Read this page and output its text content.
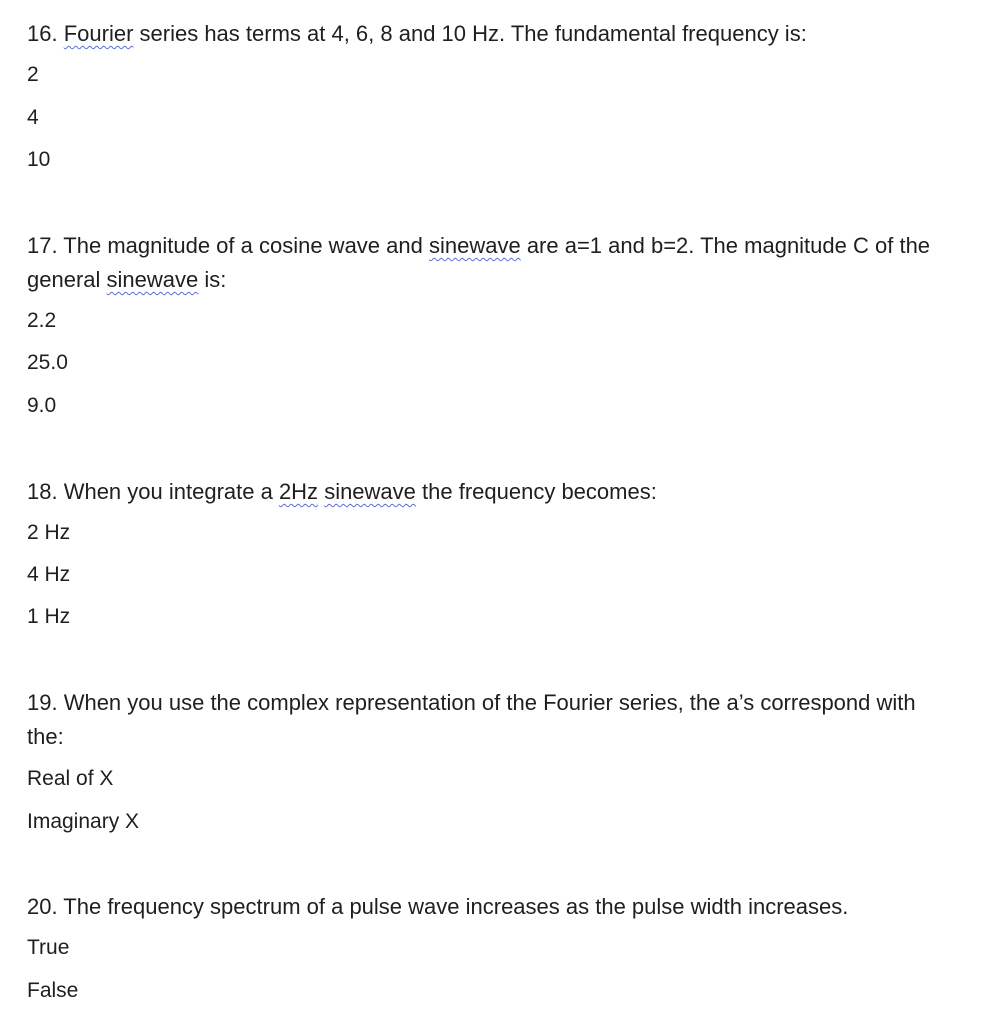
16. Fourier series has terms at 4, 6, 8 and 10 Hz. The fundamental frequency is:
2
4
10
17. The magnitude of a cosine wave and sinewave are a=1 and b=2. The magnitude C of the general sinewave is:
2.2
25.0
9.0
18. When you integrate a 2Hz sinewave the frequency becomes:
2 Hz
4 Hz
1 Hz
19. When you use the complex representation of the Fourier series, the a’s correspond with the:
Real of X
Imaginary X
20. The frequency spectrum of a pulse wave increases as the pulse width increases.
True
False
